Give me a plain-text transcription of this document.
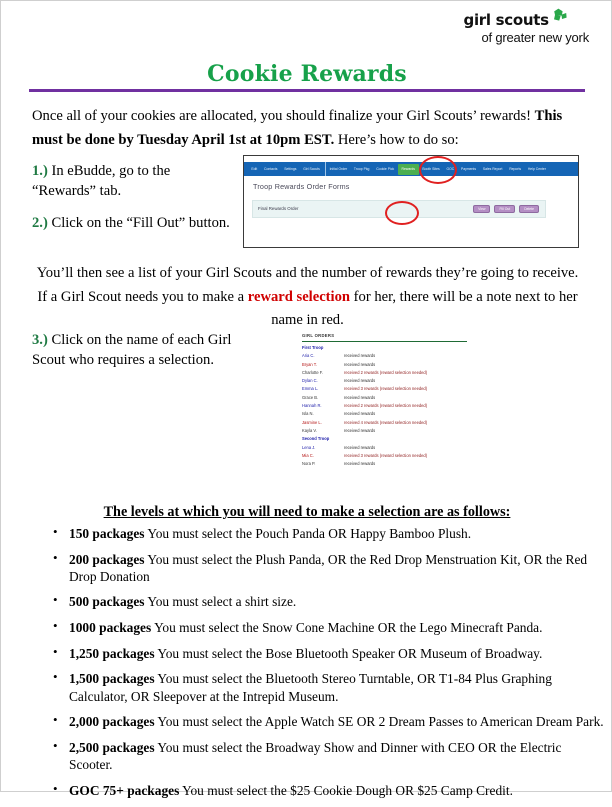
girl scouts
of greater new york
Cookie Rewards
Once all of your cookies are allocated, you should finalize your Girl Scouts’ rewards! This must be done by Tuesday April 1st at 10pm EST. Here’s how to do so:
1.) In eBudde, go to the “Rewards” tab.
2.) Click on the “Fill Out” button.
Edit	Contacts	Settings	Girl Scouts	Initial Order	Troop Pkg	Cookie Pick	Rewards	Booth Sites	GOC	Payments	Sales Report	Reports	Help Center
Troop Rewards Order Forms
Final Rewards Order	View	Fill Out	Delete
You’ll then see a list of your Girl Scouts and the number of rewards they’re going to receive. If a Girl Scout needs you to make a reward selection for her, there will be a note next to her name in red.
3.) Click on the name of each Girl Scout who requires a selection.
GIRL ORDERS
First Troop
Aria C.	received rewards
Bryan T.	received rewards
Charlotte F.	received 2 rewards (reward selection needed)
Dylan C.	received rewards
Emma L.	received 3 rewards (reward selection needed)
Grace B.	received rewards
Hannah R.	received 2 rewards (reward selection needed)
Isla N.	received rewards
Jasmine L.	received 4 rewards (reward selection needed)
Kayla V.	received rewards
Second Troop
Lena J.	received rewards
Mia C.	received 3 rewards (reward selection needed)
Nora P.	received rewards
The levels at which you will need to make a selection are as follows:
• 150 packages You must select the Pouch Panda OR Happy Bamboo Plush.
• 200 packages You must select the Plush Panda, OR the Red Drop Menstruation Kit, OR the Red Drop Donation
• 500 packages You must select a shirt size.
• 1000 packages You must select the Snow Cone Machine OR the Lego Minecraft Panda.
• 1,250 packages You must select the Bose Bluetooth Speaker OR Museum of Broadway.
• 1,500 packages You must select the Bluetooth Stereo Turntable, OR T1-84 Plus Graphing Calculator, OR Sleepover at the Intrepid Museum.
• 2,000 packages You must select the Apple Watch SE OR 2 Dream Passes to American Dream Park.
• 2,500 packages You must select the Broadway Show and Dinner with CEO OR the Electric Scooter.
• GOC 75+ packages You must select the $25 Cookie Dough OR $25 Camp Credit.
